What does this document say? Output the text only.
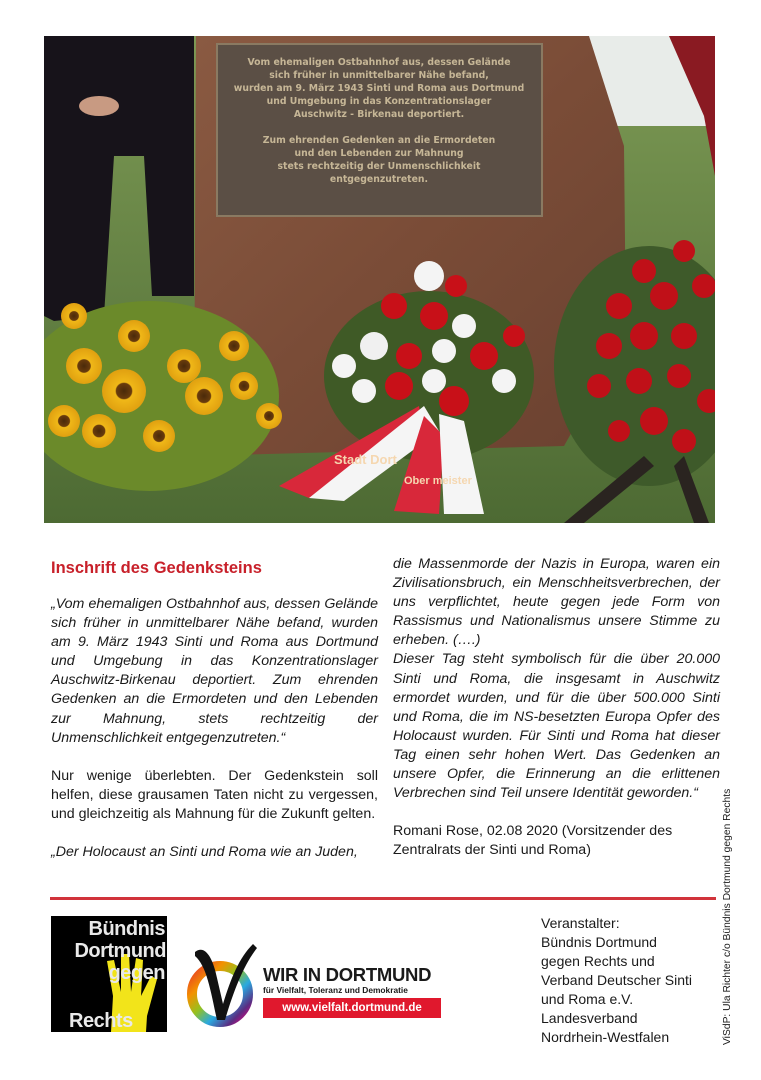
Stadt Dort
Ober meister

Vom ehemaligen Ostbahnhof aus, dessen Gelände

sich früher in unmittelbarer Nähe befand,

wurden am 9. März 1943 Sinti und Roma aus Dortmund

und Umgebung in das Konzentrationslager

Auschwitz - Birkenau deportiert.

Zum ehrenden Gedenken an die Ermordeten

und den Lebenden zur Mahnung

stets rechtzeitig der Unmenschlichkeit

entgegenzutreten.

Inschrift des Gedenksteins

„Vom ehemaligen Ostbahnhof aus, dessen Gelände sich früher in unmittelbarer Nähe befand, wurden am 9. März 1943 Sinti und Roma aus Dortmund und Umgebung in das Konzentrationslager Auschwitz-Birkenau deportiert. Zum ehrenden Gedenken an die Ermordeten und den Lebenden zur Mahnung, stets rechtzeitig der Unmenschlichkeit entgegenzutreten.“

Nur wenige überlebten. Der Gedenkstein soll helfen, diese grausamen Taten nicht zu vergessen, und gleichzeitig als Mahnung für die Zukunft gelten.

„Der Holocaust an Sinti und Roma wie an Juden,

die Massenmorde der Nazis in Europa, waren ein Zivilisationsbruch, ein Menschheitsverbrechen, der uns verpflichtet, heute gegen jede Form von Rassismus und Nationalismus unsere Stimme zu erheben. (….)

Dieser Tag steht symbolisch für die über 20.000 Sinti und Roma, die insgesamt in Auschwitz ermordet wurden, und für die über 500.000 Sinti und Roma, die im NS-besetzten Europa Opfer des Holocaust wurden. Für Sinti und Roma hat dieser Tag einen sehr hohen Wert. Das Gedenken an unsere Opfer, die Erinnerung an die erlittenen Verbrechen sind Teil unsere Identität geworden.“

Romani Rose, 02.08 2020 (Vorsitzender des Zentralrats der Sinti und Roma)

Bündnis
Dortmund
gegen
Rechts
WIR IN DORTMUND
für Vielfalt, Toleranz und Demokratie
www.vielfalt.dortmund.de

Veranstalter:

Bündnis Dortmund

gegen Rechts und

Verband Deutscher Sinti

und Roma e.V.

Landesverband

Nordrhein-Westfalen	ViSdP: Ula Richter c/o Bündnis Dortmund gegen Rechts
